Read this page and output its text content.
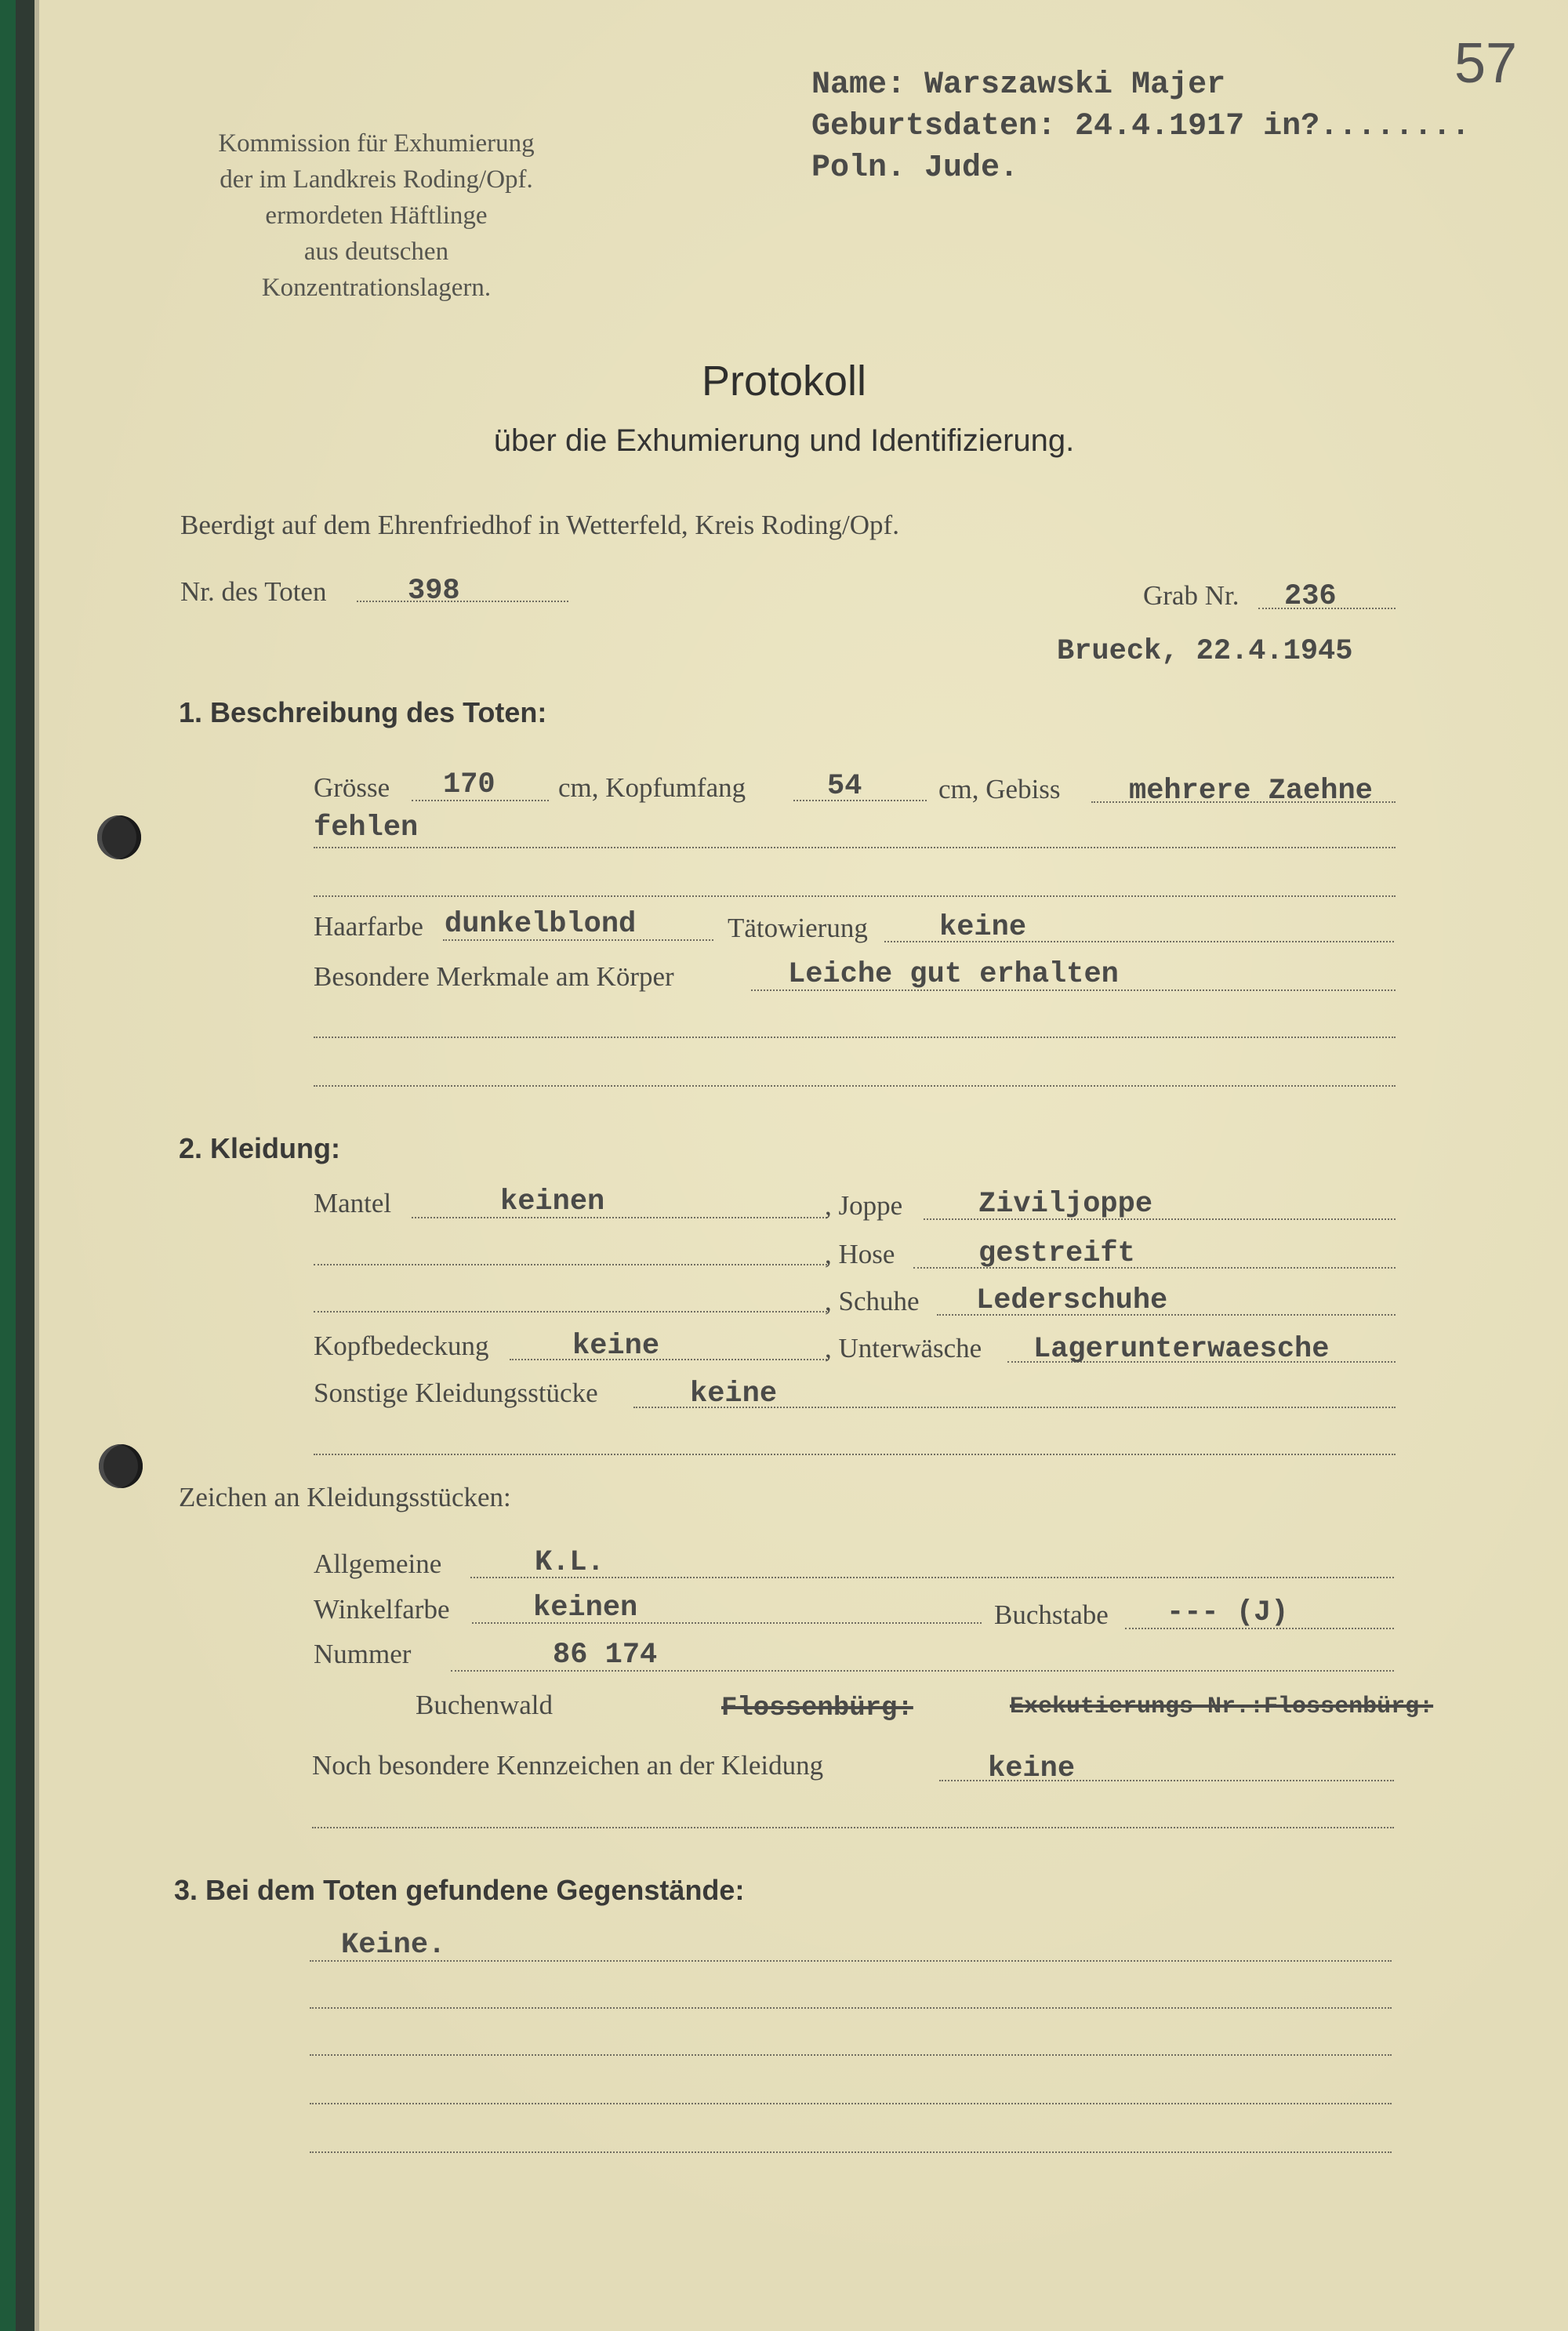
57
Kommission für Exhumierung
der im Landkreis Roding/Opf.
ermordeten Häftlinge
aus deutschen Konzentrationslagern.
Name: Warszawski Majer
Geburtsdaten: 24.4.1917 in?........
Poln. Jude.
Protokoll
über die Exhumierung und Identifizierung.
Beerdigt auf dem Ehrenfriedhof in Wetterfeld, Kreis Roding/Opf.
Nr. des Toten	398	Grab Nr. 236
Brueck, 22.4.1945
1. Beschreibung des Toten:
Grösse 170 cm, Kopfumfang	54	cm, Gebiss mehrere Zaehne
fehlen
Haarfarbe dunkelblond	Tätowierung keine
Besondere Merkmale am Körper	Leiche gut erhalten
2. Kleidung:
Mantel	keinen	, Joppe	Ziviljoppe
, Hose	gestreift
, Schuhe Lederschuhe
Kopfbedeckung	keine	, Unterwäsche Lagerunterwaesche
Sonstige Kleidungsstücke	keine
Zeichen an Kleidungsstücken:
Allgemeine	K.L.
Winkelfarbe	keinen	Buchstabe --- (J)
Nummer	86 174
Buchenwald	Flossenbürg:	Exekutierungs-Nr.:Flossenbürg:
Noch besondere Kennzeichen an der Kleidung	keine
3. Bei dem Toten gefundene Gegenstände:
Keine.
